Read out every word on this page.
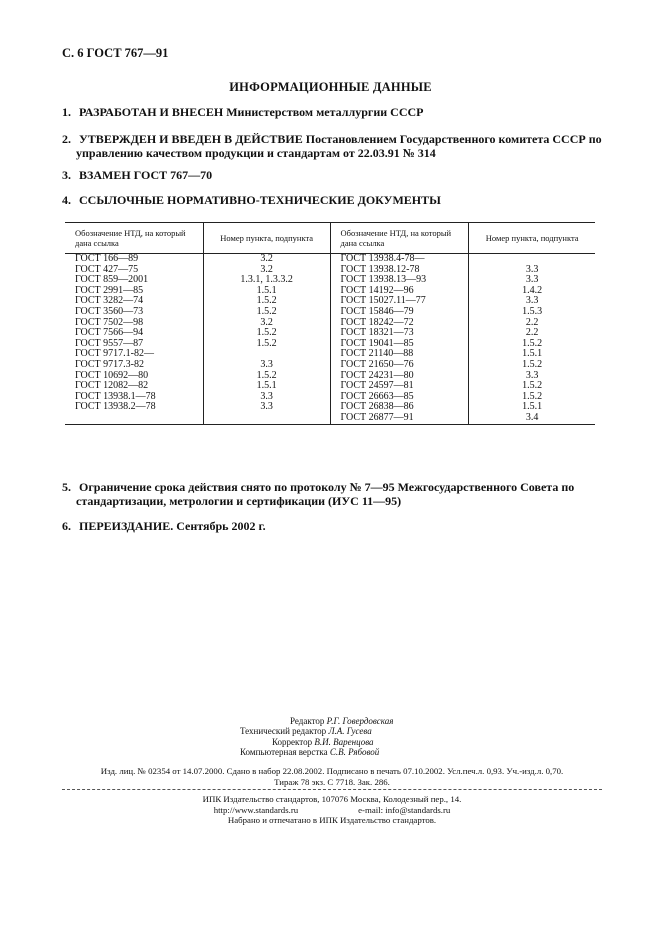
С. 6 ГОСТ 767—91
ИНФОРМАЦИОННЫЕ ДАННЫЕ
1. РАЗРАБОТАН И ВНЕСЕН Министерством металлургии СССР
2. УТВЕРЖДЕН И ВВЕДЕН В ДЕЙСТВИЕ Постановлением Государственного комитета СССР по
управлению качеством продукции и стандартам от 22.03.91 № 314
3. ВЗАМЕН ГОСТ 767—70
4. ССЫЛОЧНЫЕ НОРМАТИВНО-ТЕХНИЧЕСКИЕ ДОКУМЕНТЫ
Обозначение НТД, на который дана ссылка	Номер пункта, подпункта	Обозначение НТД, на который дана ссылка	Номер пункта, подпункта
ГОСТ 166—89	3.2	ГОСТ 13938.4-78—	
ГОСТ 427—75	3.2	ГОСТ 13938.12-78	3.3
ГОСТ 859—2001	1.3.1, 1.3.3.2	ГОСТ 13938.13—93	3.3
ГОСТ 2991—85	1.5.1	ГОСТ 14192—96	1.4.2
ГОСТ 3282—74	1.5.2	ГОСТ 15027.11—77	3.3
ГОСТ 3560—73	1.5.2	ГОСТ 15846—79	1.5.3
ГОСТ 7502—98	3.2	ГОСТ 18242—72	2.2
ГОСТ 7566—94	1.5.2	ГОСТ 18321—73	2.2
ГОСТ 9557—87	1.5.2	ГОСТ 19041—85	1.5.2
ГОСТ 9717.1-82—		ГОСТ 21140—88	1.5.1
ГОСТ 9717.3-82	3.3	ГОСТ 21650—76	1.5.2
ГОСТ 10692—80	1.5.2	ГОСТ 24231—80	3.3
ГОСТ 12082—82	1.5.1	ГОСТ 24597—81	1.5.2
ГОСТ 13938.1—78	3.3	ГОСТ 26663—85	1.5.2
ГОСТ 13938.2—78	3.3	ГОСТ 26838—86	1.5.1
		ГОСТ 26877—91	3.4
5. Ограничение срока действия снято по протоколу № 7—95 Межгосударственного Совета по
стандартизации, метрологии и сертификации (ИУС 11—95)
6. ПЕРЕИЗДАНИЕ. Сентябрь 2002 г.
Редактор Р.Г. Говердовская
Технический редактор Л.А. Гусева
Корректор В.И. Варенцова
Компьютерная верстка С.В. Рябовой
Изд. лиц. № 02354 от 14.07.2000. Сдано в набор 22.08.2002. Подписано в печать 07.10.2002. Усл.печ.л. 0,93. Уч.-изд.л. 0,70.
Тираж 78 экз. С 7718. Зак. 286.
ИПК Издательство стандартов, 107076 Москва, Колодезный пер., 14.
http://www.standards.ru	e-mail: info@standards.ru
Набрано и отпечатано в ИПК Издательство стандартов.
